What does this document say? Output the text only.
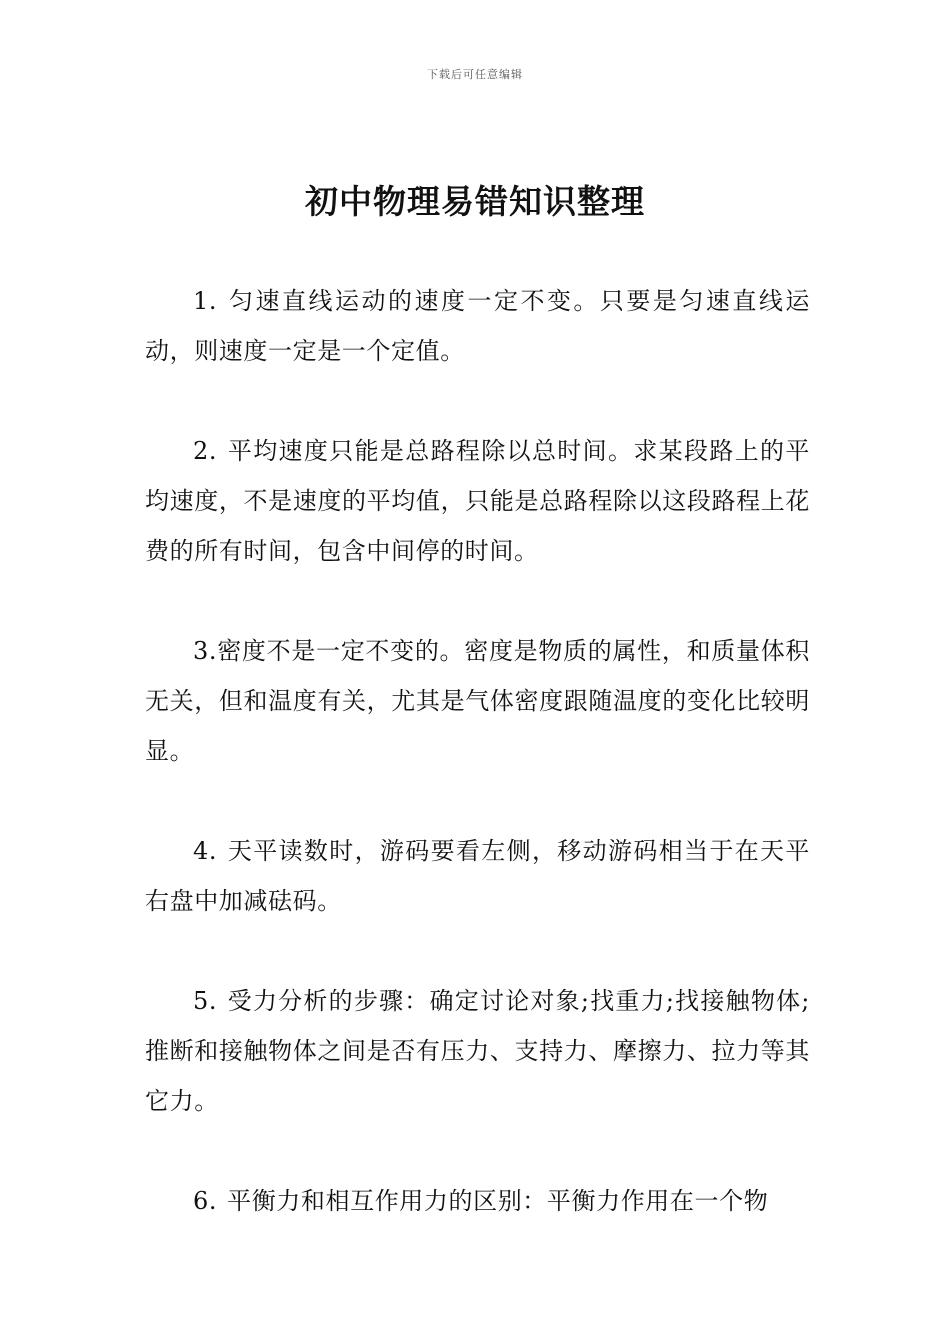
下载后可任意编辑
初中物理易错知识整理

1. 匀速直线运动的速度一定不变。只要是匀速直线运动，则速度一定是一个定值。

2. 平均速度只能是总路程除以总时间。求某段路上的平均速度，不是速度的平均值，只能是总路程除以这段路程上花费的所有时间，包含中间停的时间。

3.密度不是一定不变的。密度是物质的属性，和质量体积无关，但和温度有关，尤其是气体密度跟随温度的变化比较明显。

4. 天平读数时，游码要看左侧，移动游码相当于在天平右盘中加减砝码。

5. 受力分析的步骤：确定讨论对象;找重力;找接触物体;推断和接触物体之间是否有压力、支持力、摩擦力、拉力等其它力。

6. 平衡力和相互作用力的区别：平衡力作用在一个物
